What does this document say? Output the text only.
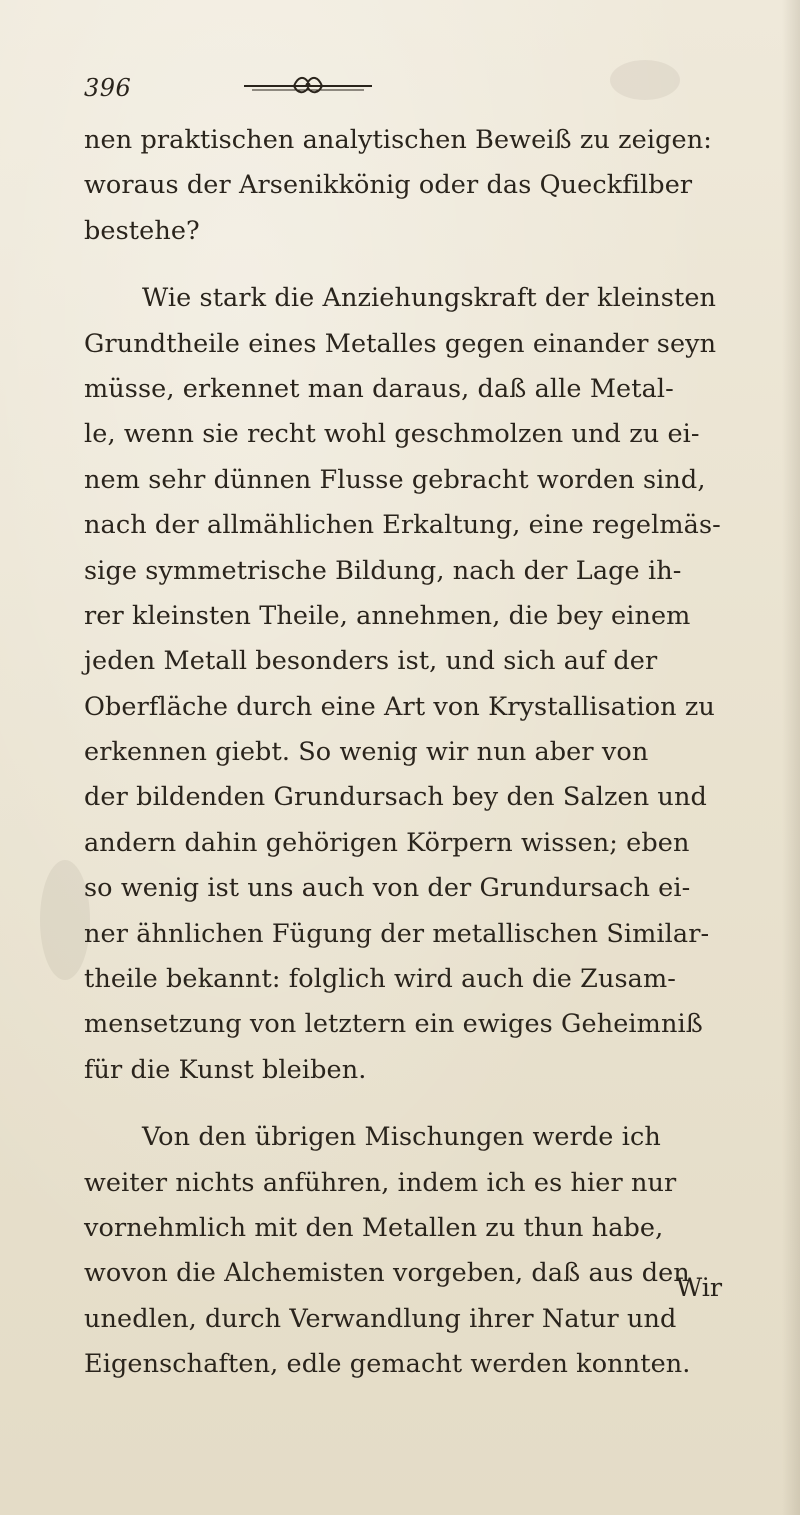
396
nen praktischen analytischen Beweiß zu zeigen:
woraus der Arsenikkönig oder das Queckfilber
bestehe?
Wie stark die Anziehungskraft der kleinsten
Grundtheile eines Metalles gegen einander seyn
müsse, erkennet man daraus, daß alle Metal-
le, wenn sie recht wohl geschmolzen und zu ei-
nem sehr dünnen Flusse gebracht worden sind,
nach der allmählichen Erkaltung, eine regelmäs-
sige symmetrische Bildung, nach der Lage ih-
rer kleinsten Theile, annehmen, die bey einem
jeden Metall besonders ist, und sich auf der
Oberfläche durch eine Art von Krystallisation zu
erkennen giebt. So wenig wir nun aber von
der bildenden Grundursach bey den Salzen und
andern dahin gehörigen Körpern wissen; eben
so wenig ist uns auch von der Grundursach ei-
ner ähnlichen Fügung der metallischen Similar-
theile bekannt: folglich wird auch die Zusam-
mensetzung von letztern ein ewiges Geheimniß
für die Kunst bleiben.
Von den übrigen Mischungen werde ich
weiter nichts anführen, indem ich es hier nur
vornehmlich mit den Metallen zu thun habe,
wovon die Alchemisten vorgeben, daß aus den
unedlen, durch Verwandlung ihrer Natur und
Eigenschaften, edle gemacht werden konnten.
Wir
